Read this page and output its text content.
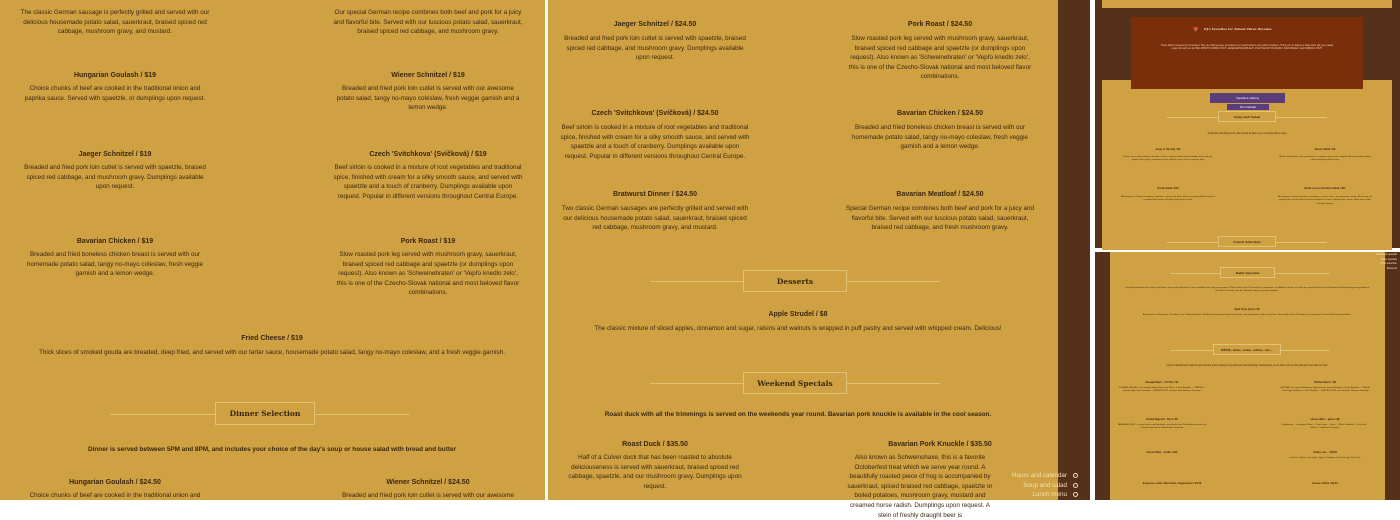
The classic German sausage is perfectly grilled and served with our delicious housemade potato salad, sauerkraut, braised spiced red cabbage, mushroom gravy, and mustard.
Our special German recipe combines both beef and pork for a juicy and flavorful bite. Served with our luscious potato salad, sauerkraut, braised spiced red cabbage, and mushroom gravy.
Hungarian Goulash / $19
Choice chunks of beef are cooked in the traditional onion and paprika sauce. Served with spaetzle, or dumplings upon request.
Wiener Schnitzel / $19
Breaded and fried pork loin cutlet is served with our awesome potato salad, tangy no-mayo coleslaw, fresh veggie garnish and a lemon wedge.
Jaeger Schnitzel / $19
Breaded and fried pork loin cutlet is served with spaetzle, braised spiced red cabbage, and mushroom gravy. Dumplings available upon request.
Czech 'Svitchkova' (Svíčková) / $19
Beef sirloin is cooked in a mixture of root vegetables and traditional spice, finished with cream for a silky smooth sauce, and served with spaetzle and a touch of cranberry. Dumplings available upon request. Popular in different versions throughout Central Europe.
Bavarian Chicken / $19
Breaded and fried boneless chicken breast is served with our homemade potato salad, tangy no-mayo coleslaw, fresh veggie garnish and a lemon wedge.
Pork Roast / $19
Slow roasted pork leg served with mushroom gravy, sauerkraut, braised spiced red cabbage and spaetzle (or dumplings upon request). Also known as 'Schweinebraten' or 'Vepřo knedlo zelo', this is one of the Czecho-Slovak national and most beloved flavor combinations.
Fried Cheese / $19
Thick slices of smoked gouda are breaded, deep fried, and served with our tartar sauce, housemade potato salad, tangy no-mayo coleslaw, and a fresh veggie garnish.
Dinner Selection
Dinner is served between 5PM and 8PM, and includes your choice of the day's soup or house salad with bread and butter
Hungarian Goulash / $24.50
Choice chunks of beef are cooked in the traditional onion and
Wiener Schnitzel / $24.50
Breaded and fried pork loin cutlet is served with our awesome
Jaeger Schnitzel / $24.50
Breaded and fried pork loin cutlet is served with spaetzle, braised spiced red cabbage, and mushroom gravy. Dumplings available upon request.
Pork Roast / $24.50
Slow roasted pork leg served with mushroom gravy, sauerkraut, braised spiced red cabbage and spaetzle (or dumplings upon request). Also known as 'Schweinebraten' or 'Vepřo knedlo zelo', this is one of the Czecho-Slovak national and most beloved flavor combinations.
Czech 'Svitchkova' (Svíčková) / $24.50
Beef sirloin is cooked in a mixture of root vegetables and traditional spice, finished with cream for a silky smooth sauce, and served with spaetzle and a touch of cranberry. Dumplings available upon request. Popular in different versions throughout Central Europe.
Bavarian Chicken / $24.50
Breaded and fried boneless chicken breast is served with our homemade potato salad, tangy no-mayo coleslaw, fresh veggie garnish and a lemon wedge.
Bratwurst Dinner / $24.50
Two classic German sausages are perfectly grilled and served with our delicious housemade potato salad, sauerkraut, braised spiced red cabbage, mushroom gravy, and mustard.
Bavarian Meatloaf / $24.50
Special German recipe combines both beef and pork for a juicy and flavorful bite. Served with our luscious potato salad, sauerkraut, braised red cabbage, and fresh mushroom gravy.
Desserts
Apple Strudel / $8
The classic mixture of sliced apples, cinnamon and sugar, raisins and walnuts is wrapped in puff pastry and served with whipped cream. Delicious!
Weekend Specials
Roast duck with all the trimmings is served on the weekends year round. Bavarian pork knuckle is available in the cool season.
Roast Duck / $35.50
Half of a Culver duck that has been roasted to absolute deliciouseness is served with sauerkraut, braised spiced red cabbage, spaetzle, and our mushroom gravy. Dumplings upon request.
Bavarian Pork Knuckle / $35.50
Also known as Schweinshaxe, this is a favorite Octoberfest treat which we serve year round. A beautifully roasted piece of hog is accompanied by sauerkraut, spiced braised red cabbage, spaetzle or boiled potatoes, mushroom gravy, mustard and creamed horse radish. Dumplings upon request. A stein of freshly draught beer is
Hours and calendar
Soup and salad
Lunch menu
♥ DJ's Favorites for Almost Three Decades
These dishes represent our homeland. They are what we grew up eating in our grandmothers' and mothers' kitchens. Thank you for letting us share them with you; please enjoy. We wish you GUTEN APPETIT, DOBRÚ CHUŤ, GESEGNETE MAHLZEIT, JÓ ÉTVÁGYAT KÍVÁNUNK, SMACZNEGO, and DOBROU CHUŤ!
Specials & Catering
DJ's Calendar
Soup and Salad
A light and refreshing lunch, also served as part of your complete dinner order
Soup of the Day / $5
Please ask us about today's selection. Choices might include chicken noodle, lentil, split pea, potato bean, gulyas, sauerkraut soup, goulash soup, or let us surprise you!
House Salad / $6
Mixed salad greens, cherry tomatoes, cucumbers and carrots, topped with our popular creamy sweet and tangy dill dressing.
Greek Salad / $19
Mixed greens, shrimp, cucumbers, tomatoes, carrots and olives with our creamy dill dressing and crumbled feta cheese. A healthy light meal in itself!
Garlic Lemon Chicken Salad / $17
Mixed greens, cherry tomatoes, cucumbers, carrots, olives, our awesome creamy dill dressing, all topped with a sliced chicken breast sauteed in a sauce of fresh garlic, lemon, white wine, butter and black pepper.
Lunch Selection
Weekend specials
Daily specials
Drink selection
Desserts
Daily Specials
Currently we feature two classic pub dishes, tripe soup and hunter's stew, available every day upon request. Please allow 10 to 15 minutes for preparation. In addition to these, we cook up a special entrée each Thursday and Friday using an ingredient of the chef's choosing. See the 'Specials' page for recent examples.
Beef Tripe Soup / $8
Also known as 'Flaki zupa', 'Pacalleves', or 'Držkova polievka'. Made with honeycomb tripe, fresh herbs, root vegetables, herbs and spices. Please allow 10 to 15 minutes for preparation. Served with bread and butter.
BEER, wine, soda, coffee, etc...
A pint of draught beer might be just what the doctor ordered to go with pork and dumplings. Nonetheless, we do offer more to drink that pairs well with our food.
Draught Beer - 0.5 liter / $7
PILSNER URQUELL, the original pilsner beer from Pilsen, Czech Republic ... SPATEN, a popular lager from Germany ... KRUSHOVICE, varieties from Bavaria, Germany.
Bottled Beers / $6
BUDVAR, the original Budweiser lager from the town of Budweis, Czech Republic ... PAULA - dark lager, Budweis, Czech Republic ... KRUSHOVICE, non-alcoholic, Bavaria Germany
Herbal Digestif - Shot / $6
JÄGERMEISTER - a natural bitter carefully made using herbs from 56 different countries by a family operation in Wolfenbüttel, Germany.
House Wine - glass / $8
Chardonnay ... Sauvignon Blanc ... Pinot Grigio ... Rosé ... White Zinfandel ... Pinot Noir ... Merlot ... Cabernet Sauvignon
House Wine - bottle / $30	Sodas, etc... / $3.00
Iced Tea, Seltzer, Lemonade, Sprite, Cranberry, Fanta Orange, Diet Coke
Espresso, Latte, Macchiato, Cappuccino / $4.50	House Coffee / $3.00
